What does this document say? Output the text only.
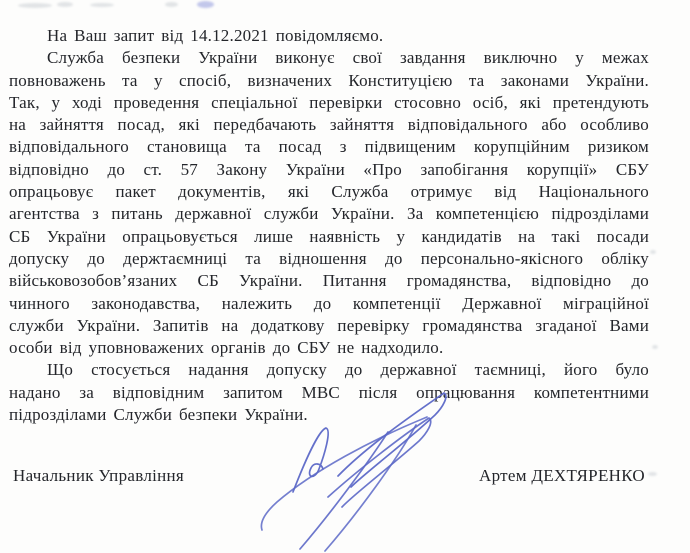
На Ваш запит від 14.12.2021 повідомляємо.
Служба безпеки України виконує свої завдання виключно у межах
повноважень та у спосіб, визначених Конституцією та законами України.
Так, у ході проведення спеціальної перевірки стосовно осіб, які претендують
на зайняття посад, які передбачають зайняття відповідального або особливо
відповідального становища та посад з підвищеним корупційним ризиком
відповідно до ст. 57 Закону України «Про запобігання корупції» СБУ
опрацьовує пакет документів, які Служба отримує від Національного
агентства з питань державної служби України. За компетенцією підрозділами
СБ України опрацьовується лише наявність у кандидатів на такі посади
допуску до держтаємниці та відношення до персонально-якісного обліку
військовозобов’язаних СБ України. Питання громадянства, відповідно до
чинного законодавства, належить до компетенції Державної міграційної
служби України. Запитів на додаткову перевірку громадянства згаданої Вами
особи від уповноважених органів до СБУ не надходило.
Що стосується надання допуску до державної таємниці, його було
надано за відповідним запитом МВС після опрацювання компетентними
підрозділами Служби безпеки України.
Начальник Управління	Артем ДЕХТЯРЕНКО
